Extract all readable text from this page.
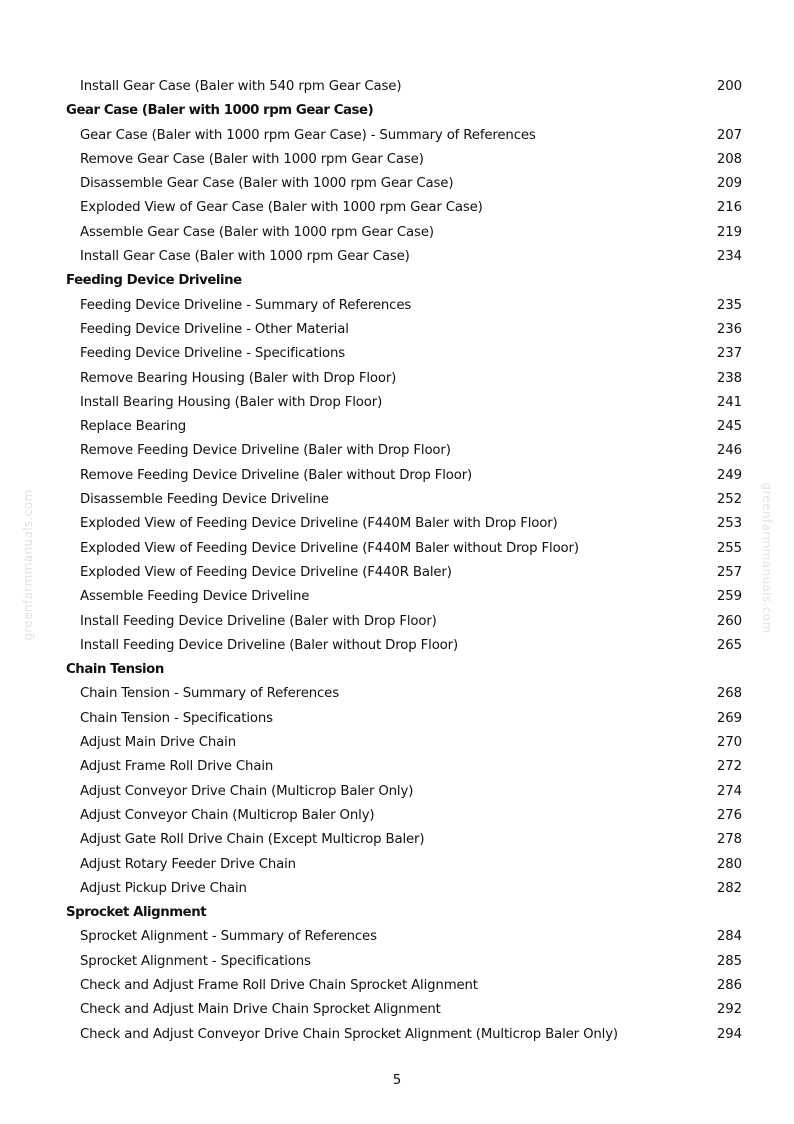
greenfarmmanuals.com	greenfarmmanuals.com
Install Gear Case (Baler with 540 rpm Gear Case)	200
Gear Case (Baler with 1000 rpm Gear Case)
Gear Case (Baler with 1000 rpm Gear Case) - Summary of References	207
Remove Gear Case (Baler with 1000 rpm Gear Case)	208
Disassemble Gear Case (Baler with 1000 rpm Gear Case)	209
Exploded View of Gear Case (Baler with 1000 rpm Gear Case)	216
Assemble Gear Case (Baler with 1000 rpm Gear Case)	219
Install Gear Case (Baler with 1000 rpm Gear Case)	234
Feeding Device Driveline
Feeding Device Driveline - Summary of References	235
Feeding Device Driveline - Other Material	236
Feeding Device Driveline - Specifications	237
Remove Bearing Housing (Baler with Drop Floor)	238
Install Bearing Housing (Baler with Drop Floor)	241
Replace Bearing	245
Remove Feeding Device Driveline (Baler with Drop Floor)	246
Remove Feeding Device Driveline (Baler without Drop Floor)	249
Disassemble Feeding Device Driveline	252
Exploded View of Feeding Device Driveline (F440M Baler with Drop Floor)	253
Exploded View of Feeding Device Driveline (F440M Baler without Drop Floor)	255
Exploded View of Feeding Device Driveline (F440R Baler)	257
Assemble Feeding Device Driveline	259
Install Feeding Device Driveline (Baler with Drop Floor)	260
Install Feeding Device Driveline (Baler without Drop Floor)	265
Chain Tension
Chain Tension - Summary of References	268
Chain Tension - Specifications	269
Adjust Main Drive Chain	270
Adjust Frame Roll Drive Chain	272
Adjust Conveyor Drive Chain (Multicrop Baler Only)	274
Adjust Conveyor Chain (Multicrop Baler Only)	276
Adjust Gate Roll Drive Chain (Except Multicrop Baler)	278
Adjust Rotary Feeder Drive Chain	280
Adjust Pickup Drive Chain	282
Sprocket Alignment
Sprocket Alignment - Summary of References	284
Sprocket Alignment - Specifications	285
Check and Adjust Frame Roll Drive Chain Sprocket Alignment	286
Check and Adjust Main Drive Chain Sprocket Alignment	292
Check and Adjust Conveyor Drive Chain Sprocket Alignment (Multicrop Baler Only)	294
5
